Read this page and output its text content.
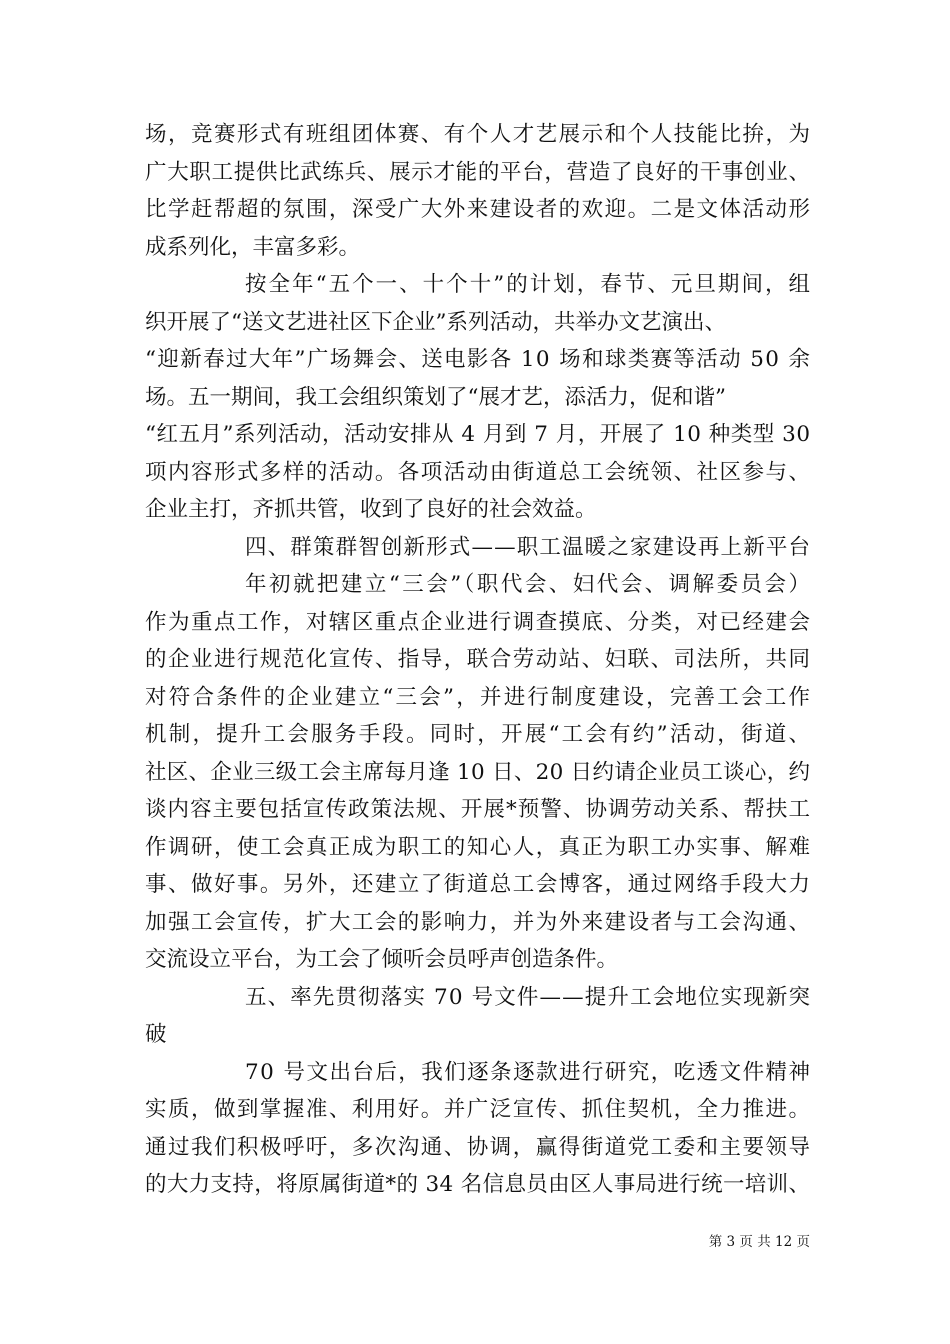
场，竞赛形式有班组团体赛、有个人才艺展示和个人技能比拚，为
广大职工提供比武练兵、展示才能的平台，营造了良好的干事创业、
比学赶帮超的氛围，深受广大外来建设者的欢迎。二是文体活动形
成系列化，丰富多彩。
按全年“五个一、十个十”的计划，春节、元旦期间，组
织开展了“送文艺进社区下企业”系列活动，共举办文艺演出、
“迎新春过大年”广场舞会、送电影各 10 场和球类赛等活动 50 余
场。五一期间，我工会组织策划了“展才艺，添活力，促和谐”
“红五月”系列活动，活动安排从 4 月到 7 月，开展了 10 种类型 30
项内容形式多样的活动。各项活动由街道总工会统领、社区参与、
企业主打，齐抓共管，收到了良好的社会效益。
四、群策群智创新形式——职工温暖之家建设再上新平台
年初就把建立“三会”（职代会、妇代会、调解委员会）
作为重点工作，对辖区重点企业进行调查摸底、分类，对已经建会
的企业进行规范化宣传、指导，联合劳动站、妇联、司法所，共同
对符合条件的企业建立“三会”，并进行制度建设，完善工会工作
机制，提升工会服务手段。同时，开展“工会有约”活动，街道、
社区、企业三级工会主席每月逢 10 日、20 日约请企业员工谈心，约
谈内容主要包括宣传政策法规、开展*预警、协调劳动关系、帮扶工
作调研，使工会真正成为职工的知心人，真正为职工办实事、解难
事、做好事。另外，还建立了街道总工会博客，通过网络手段大力
加强工会宣传，扩大工会的影响力，并为外来建设者与工会沟通、
交流设立平台，为工会了倾听会员呼声创造条件。
五、率先贯彻落实 70 号文件——提升工会地位实现新突
破
70 号文出台后，我们逐条逐款进行研究，吃透文件精神
实质，做到掌握准、利用好。并广泛宣传、抓住契机，全力推进。
通过我们积极呼吁，多次沟通、协调，赢得街道党工委和主要领导
的大力支持，将原属街道*的 34 名信息员由区人事局进行统一培训、
第 3 页 共 12 页
